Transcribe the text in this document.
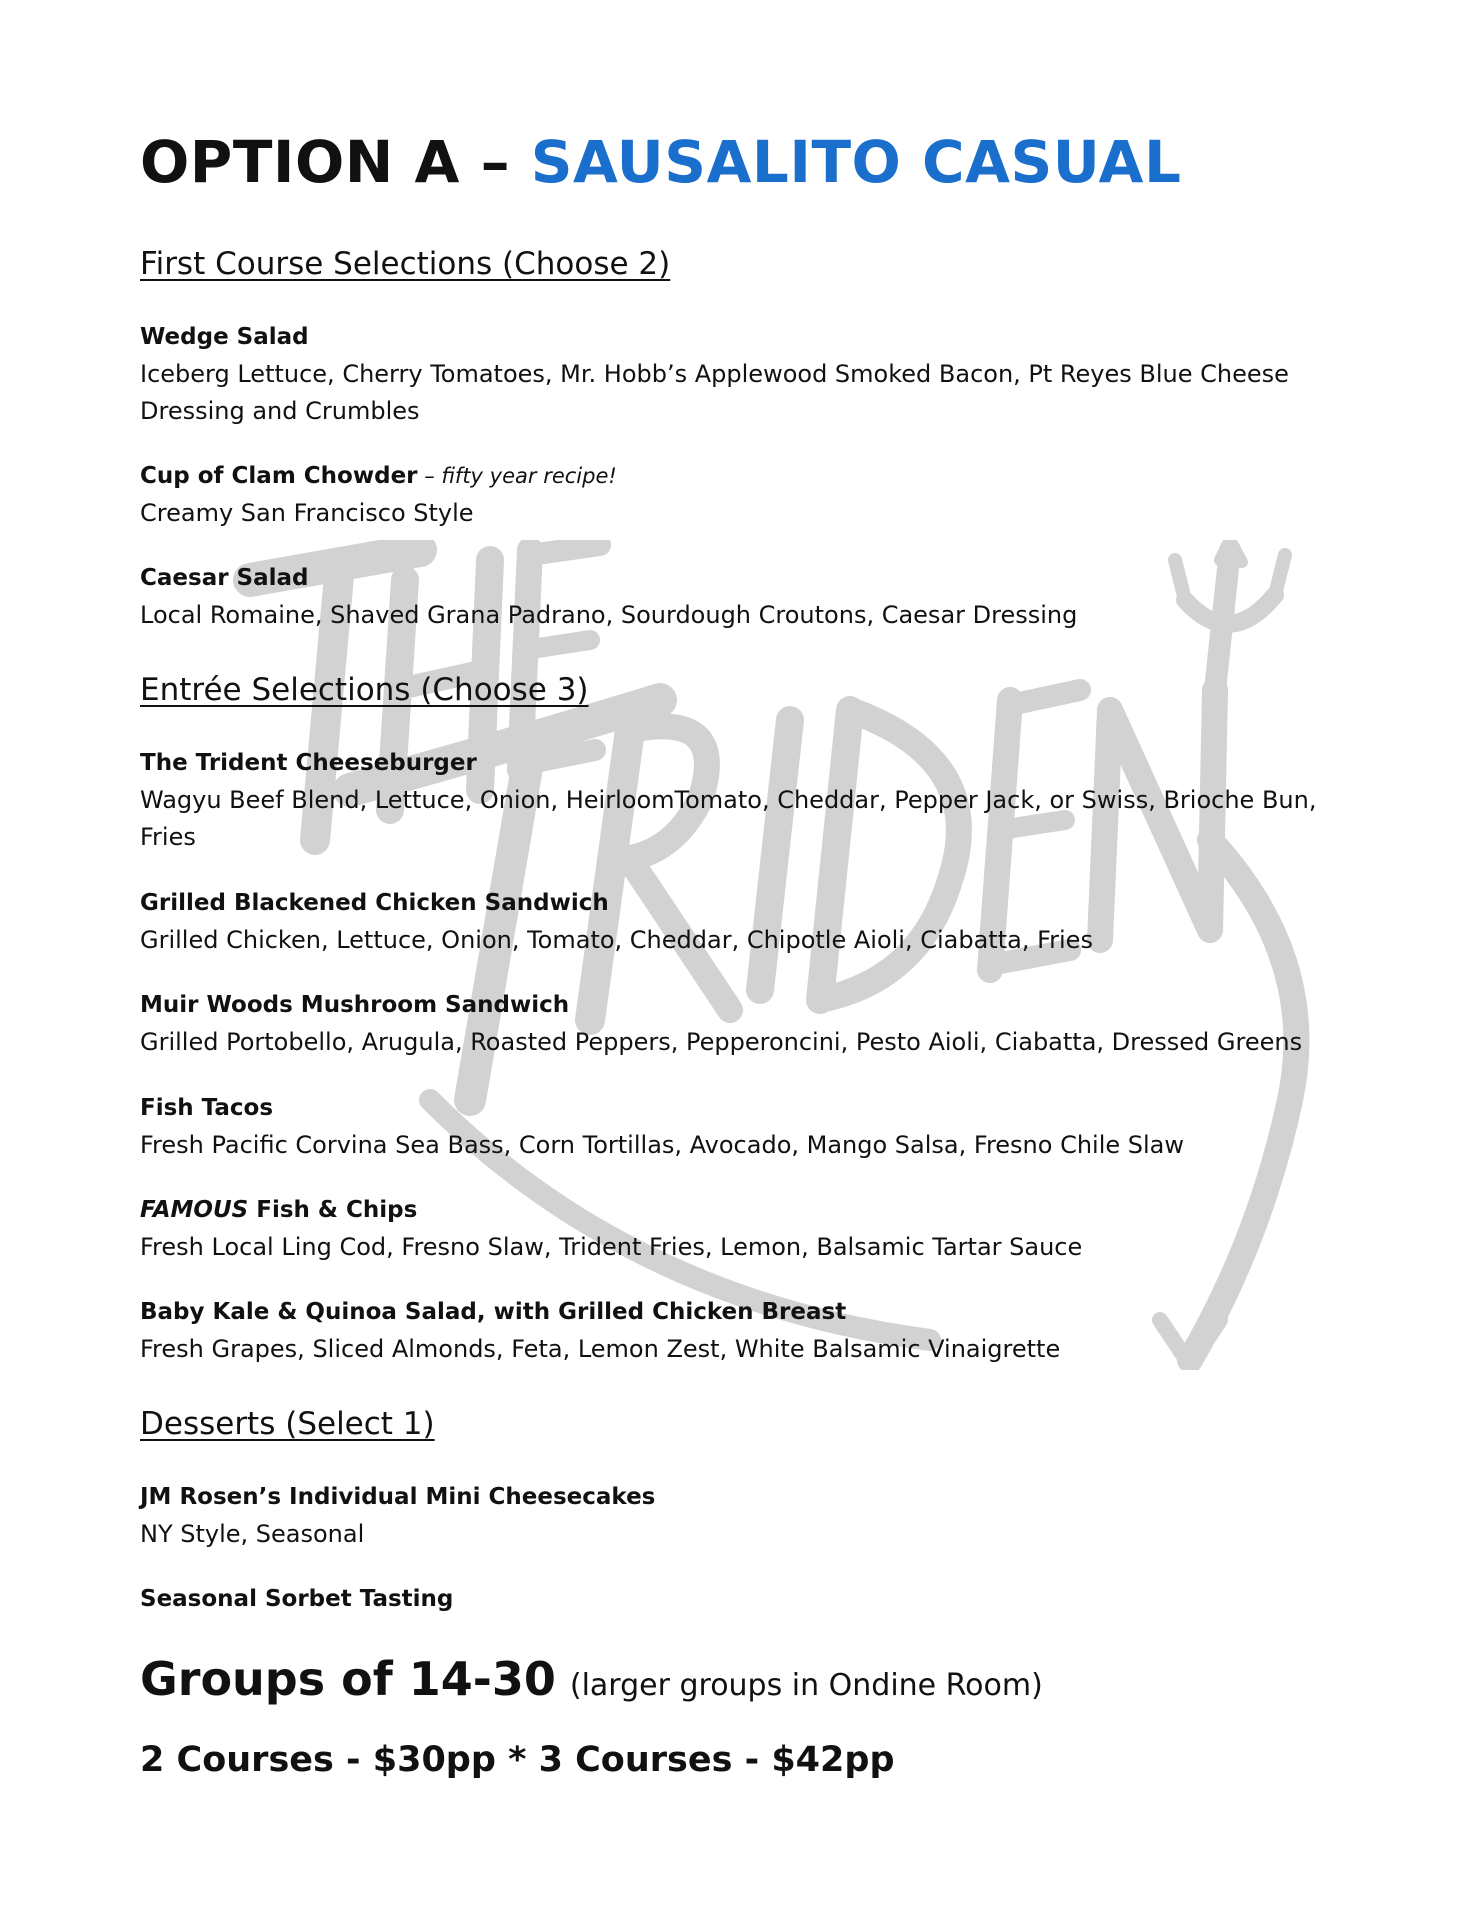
OPTION A – SAUSALITO CASUAL
First Course Selections (Choose 2)
Wedge Salad
Iceberg Lettuce, Cherry Tomatoes, Mr. Hobb’s Applewood Smoked Bacon, Pt Reyes Blue Cheese Dressing and Crumbles
Cup of Clam Chowder – fifty year recipe!
Creamy San Francisco Style
Caesar Salad
Local Romaine, Shaved Grana Padrano, Sourdough Croutons, Caesar Dressing
Entrée Selections (Choose 3)
The Trident Cheeseburger
Wagyu Beef Blend, Lettuce, Onion, HeirloomTomato, Cheddar, Pepper Jack, or Swiss, Brioche Bun, Fries
Grilled Blackened Chicken Sandwich
Grilled Chicken, Lettuce, Onion, Tomato, Cheddar, Chipotle Aioli, Ciabatta, Fries
Muir Woods Mushroom Sandwich
Grilled Portobello, Arugula, Roasted Peppers, Pepperoncini, Pesto Aioli, Ciabatta, Dressed Greens
Fish Tacos
Fresh Pacific Corvina Sea Bass, Corn Tortillas, Avocado, Mango Salsa, Fresno Chile Slaw
FAMOUS Fish & Chips
Fresh Local Ling Cod, Fresno Slaw, Trident Fries, Lemon, Balsamic Tartar Sauce
Baby Kale & Quinoa Salad, with Grilled Chicken Breast
Fresh Grapes, Sliced Almonds, Feta, Lemon Zest, White Balsamic Vinaigrette
Desserts (Select 1)
JM Rosen’s Individual Mini Cheesecakes
NY Style, Seasonal
Seasonal Sorbet Tasting
Groups of 14-30 (larger groups in Ondine Room)
2 Courses - $30pp * 3 Courses - $42pp
